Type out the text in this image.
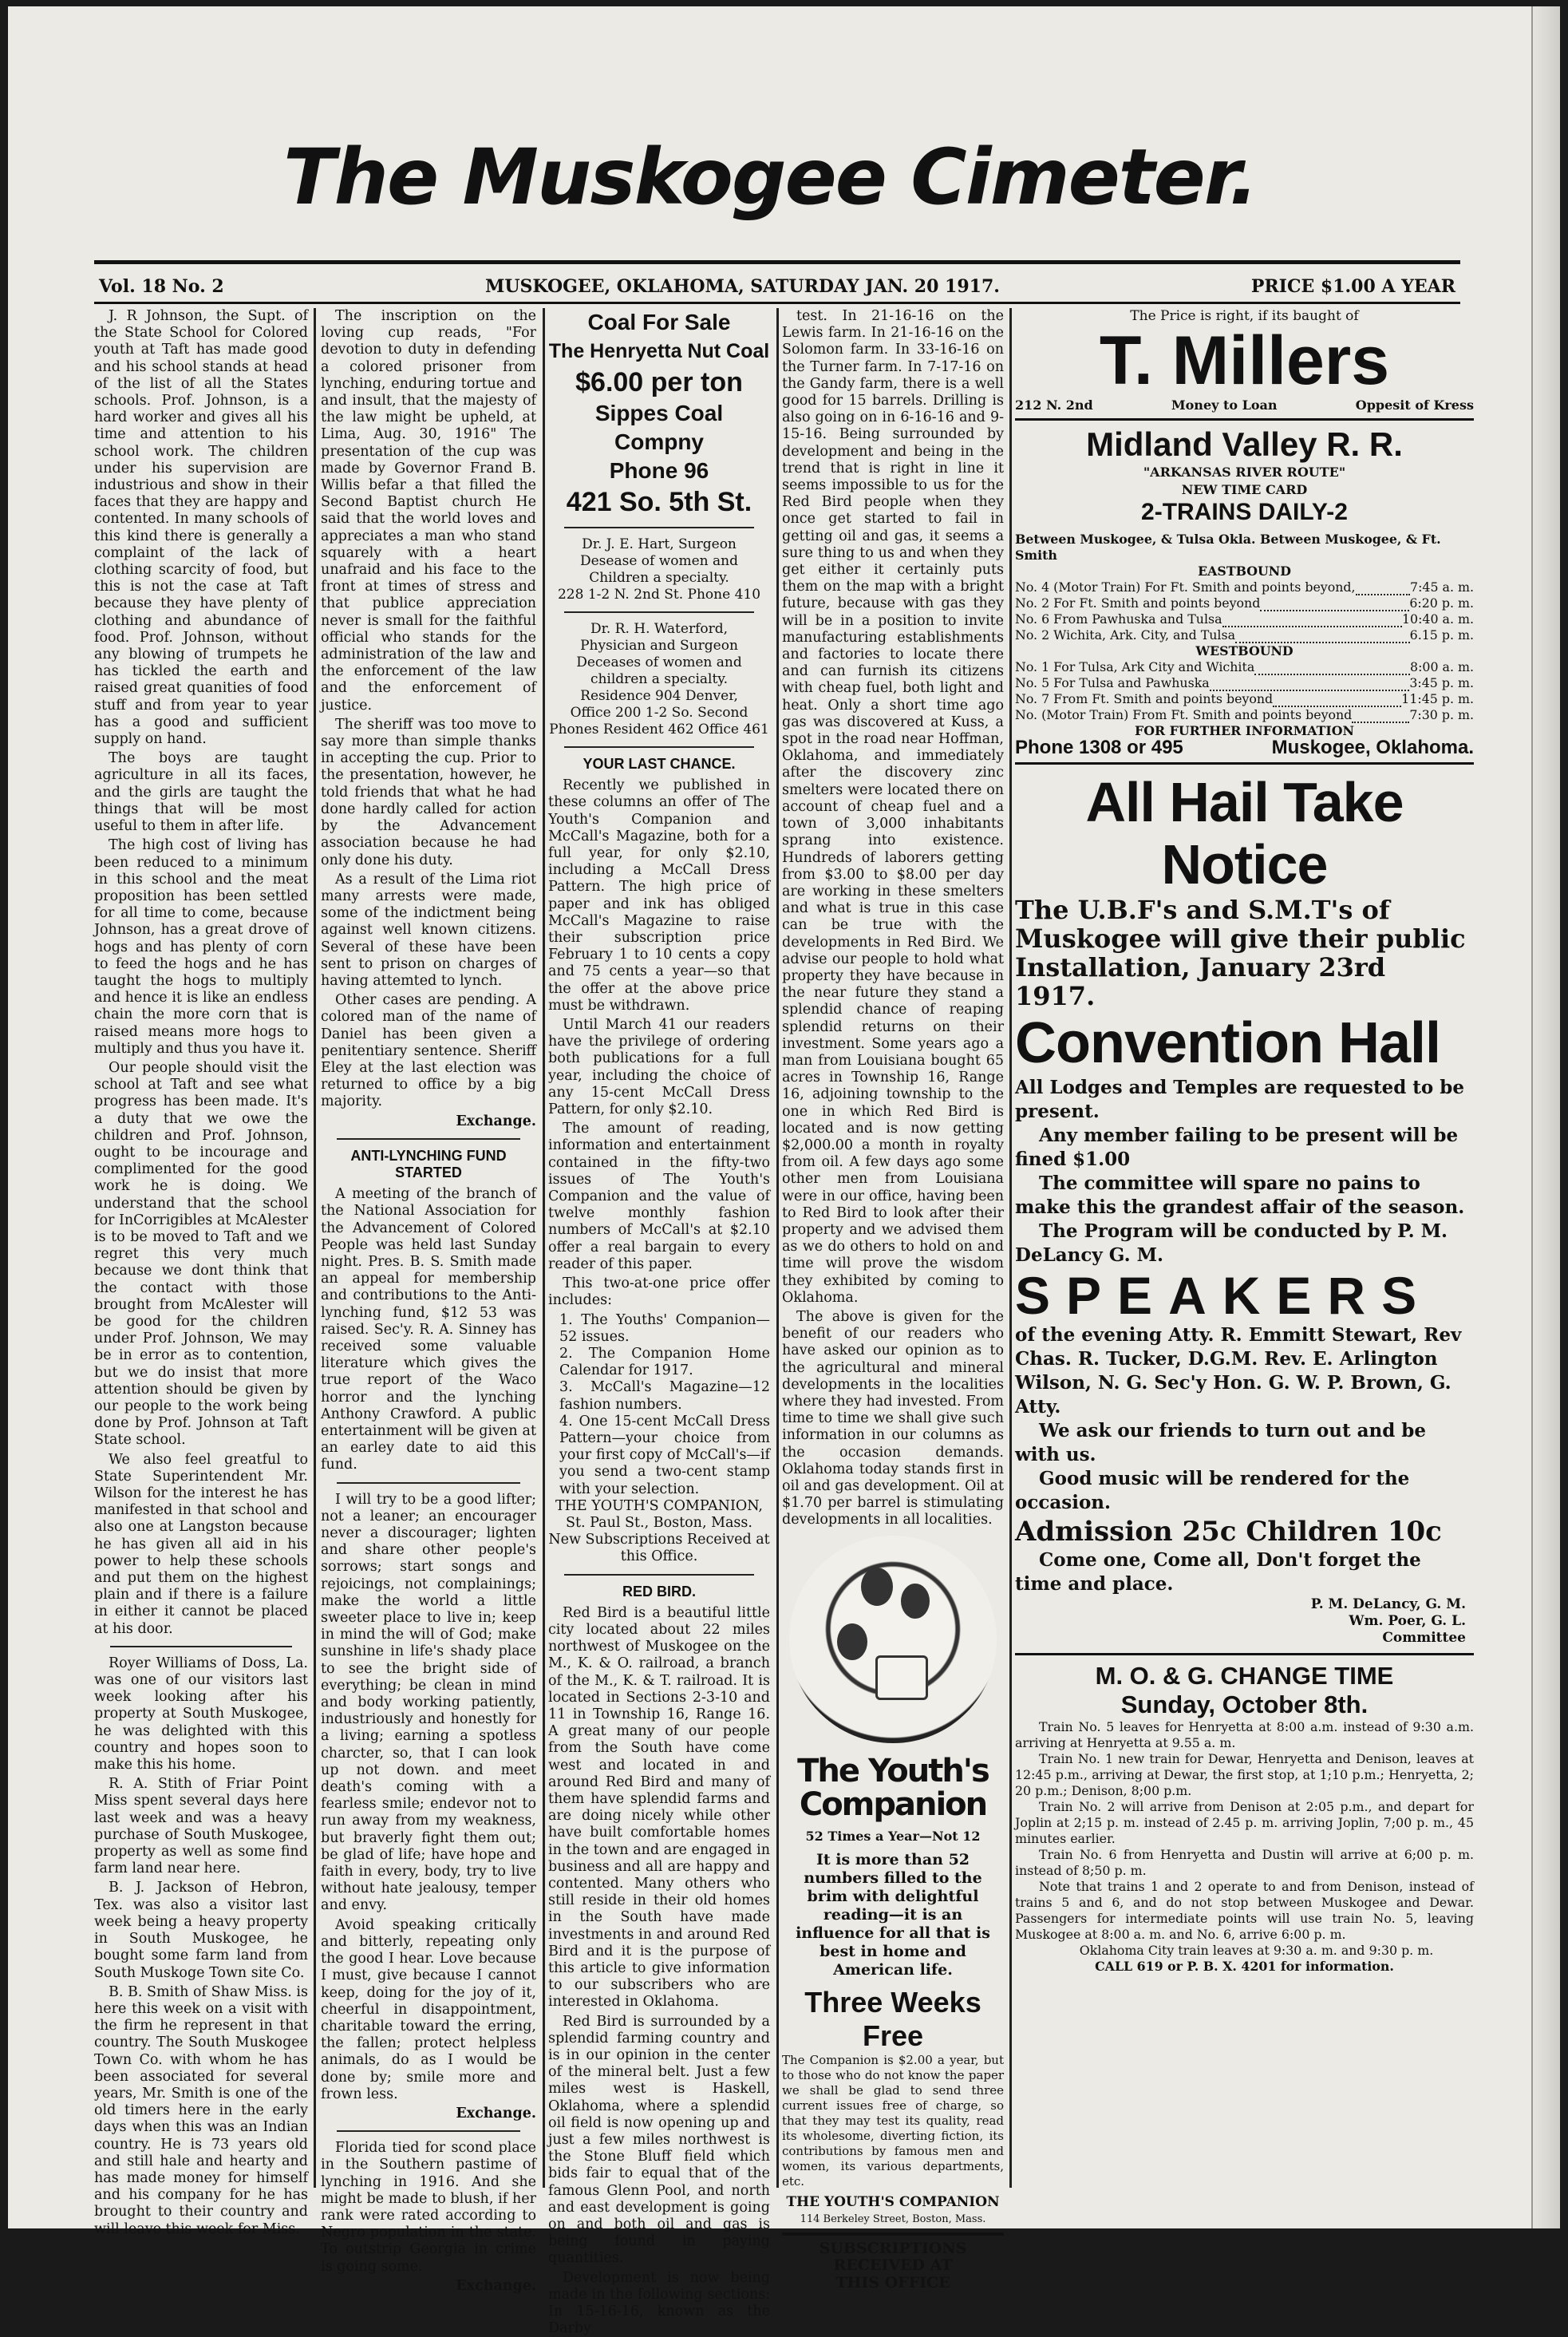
The Muskogee Cimeter.
Vol. 18 No. 2	MUSKOGEE, OKLAHOMA, SATURDAY JAN. 20 1917.	PRICE $1.00 A YEAR

J. R Johnson, the Supt. of the State School for Colored youth at Taft has made good and his school stands at head of the list of all the States schools. Prof. Johnson, is a hard worker and gives all his time and attention to his school work. The children under his supervision are industrious and show in their faces that they are happy and contented. In many schools of this kind there is generally a complaint of the lack of clothing scarcity of food, but this is not the case at Taft because they have plenty of clothing and abundance of food. Prof. Johnson, without any blowing of trumpets he has tickled the earth and raised great quanities of food stuff and from year to year has a good and sufficient supply on hand.

The boys are taught agriculture in all its faces, and the girls are taught the things that will be most useful to them in after life.

The high cost of living has been reduced to a minimum in this school and the meat proposition has been settled for all time to come, because Johnson, has a great drove of hogs and has plenty of corn to feed the hogs and he has taught the hogs to multiply and hence it is like an endless chain the more corn that is raised means more hogs to multiply and thus you have it.

Our people should visit the school at Taft and see what progress has been made. It's a duty that we owe the children and Prof. Johnson, ought to be incourage and complimented for the good work he is doing. We understand that the school for InCorrigibles at McAlester is to be moved to Taft and we regret this very much because we dont think that the contact with those brought from McAlester will be good for the children under Prof. Johnson, We may be in error as to contention, but we do insist that more attention should be given by our people to the work being done by Prof. Johnson at Taft State school.

We also feel greatful to State Superintendent Mr. Wilson for the interest he has manifested in that school and also one at Langston because he has given all aid in his power to help these schools and put them on the highest plain and if there is a failure in either it cannot be placed at his door.

Royer Williams of Doss, La. was one of our visitors last week looking after his property at South Muskogee, he was delighted with this country and hopes soon to make this his home.

R. A. Stith of Friar Point Miss spent several days here last week and was a heavy purchase of South Muskogee, property as well as some find farm land near here.

B. J. Jackson of Hebron, Tex. was also a visitor last week being a heavy property in South Muskogee, he bought some farm land from South Muskoge Town site Co.

B. B. Smith of Shaw Miss. is here this week on a visit with the firm he represent in that country. The South Muskogee Town Co. with whom he has been associated for several years, Mr. Smith is one of the old timers here in the early days when this was an Indian country. He is 73 years old and still hale and hearty and has made money for himself and his company for he has brought to their country and will leave this week for Miss.

The inscription on the loving cup reads, "For devotion to duty in defending a colored prisoner from lynching, enduring tortue and and insult, that the majesty of the law might be upheld, at Lima, Aug. 30, 1916" The presentation of the cup was made by Governor Frand B. Willis befar a that filled the Second Baptist church He said that the world loves and appreciates a man who stand squarely with a heart unafraid and his face to the front at times of stress and that publice appreciation never is small for the faithful official who stands for the administration of the law and the enforcement of the law and the enforcement of justice.

The sheriff was too move to say more than simple thanks in accepting the cup. Prior to the presentation, however, he told friends that what he had done hardly called for action by the Advancement association because he had only done his duty.

As a result of the Lima riot many arrests were made, some of the indictment being against well known citizens. Several of these have been sent to prison on charges of having attemted to lynch.

Other cases are pending. A colored man of the name of Daniel has been given a penitentiary sentence. Sheriff Eley at the last election was returned to office by a big majority.

Exchange.
ANTI-LYNCHING FUND STARTED

A meeting of the branch of the National Association for the Advancement of Colored People was held last Sunday night. Pres. B. S. Smith made an appeal for membership and contributions to the Anti-lynching fund, $12 53 was raised. Sec'y. R. A. Sinney has received some valuable literature which gives the true report of the Waco horror and the lynching Anthony Crawford. A public entertainment will be given at an earley date to aid this fund.

I will try to be a good lifter; not a leaner; an encourager never a discourager; lighten and share other people's sorrows; start songs and rejoicings, not complainings; make the world a little sweeter place to live in; keep in mind the will of God; make sunshine in life's shady place to see the bright side of everything; be clean in mind and body working patiently, industriously and honestly for a living; earning a spotless charcter, so, that I can look up not down. and meet death's coming with a fearless smile; endevor not to run away from my weakness, but braverly fight them out; be glad of life; have hope and faith in every, body, try to live without hate jealousy, temper and envy.

Avoid speaking critically and bitterly, repeating only the good I hear. Love because I must, give because I cannot keep, doing for the joy of it, cheerful in disappointment, charitable toward the erring, the fallen; protect helpless animals, do as I would be done by; smile more and frown less.

Exchange.

Florida tied for scond place in the Southern pastime of lynching in 1916. And she might be made to blush, if her rank were rated according to Negro population in the state. To outstrip Georgia in crime is going some.

Exchange.
Coal For Sale
The Henryetta Nut Coal
$6.00 per ton
Sippes Coal Compny
Phone 96
421 So. 5th St.
Dr. J. E. Hart, Surgeon
Desease of women and Children a specialty.
228 1-2 N. 2nd St. Phone 410
Dr. R. H. Waterford,
Physician and Surgeon
Deceases of women and children a specialty.
Residence 904 Denver,
Office 200 1-2 So. Second
Phones Resident 462 Office 461
YOUR LAST CHANCE.

Recently we published in these columns an offer of The Youth's Companion and McCall's Magazine, both for a full year, for only $2.10, including a McCall Dress Pattern. The high price of paper and ink has obliged McCall's Magazine to raise their subscription price February 1 to 10 cents a copy and 75 cents a year—so that the offer at the above price must be withdrawn.

Until March 41 our readers have the privilege of ordering both publications for a full year, including the choice of any 15-cent McCall Dress Pattern, for only $2.10.

The amount of reading, information and entertainment contained in the fifty-two issues of The Youth's Companion and the value of twelve monthly fashion numbers of McCall's at $2.10 offer a real bargain to every reader of this paper.

This two-at-one price offer includes:

1. The Youths' Companion—52 issues.
2. The Companion Home Calendar for 1917.
3. McCall's Magazine—12 fashion numbers.
4. One 15-cent McCall Dress Pattern—your choice from your first copy of McCall's—if you send a two-cent stamp with your selection.
THE YOUTH'S COMPANION,
St. Paul St., Boston, Mass.
New Subscriptions Received at this Office.
RED BIRD.

Red Bird is a beautiful little city located about 22 miles northwest of Muskogee on the M., K. & O. railroad, a branch of the M., K. & T. railroad. It is located in Sections 2-3-10 and 11 in Township 16, Range 16. A great many of our people from the South have come west and located in and around Red Bird and many of them have splendid farms and are doing nicely while other have built comfortable homes in the town and are engaged in business and all are happy and contented. Many others who still reside in their old homes in the South have made investments in and around Red Bird and it is the purpose of this article to give information to our subscribers who are interested in Oklahoma.

Red Bird is surrounded by a splendid farming country and is in our opinion in the center of the mineral belt. Just a few miles west is Haskell, Oklahoma, where a splendid oil field is now opening up and just a few miles northwest is the Stone Bluff field which bids fair to equal that of the famous Glenn Pool, and north and east development is going on and both oil and gas is being found in paying quantities.

Development is now being made in the following sections: In 15-16-16, known as the Darby

test. In 21-16-16 on the Lewis farm. In 21-16-16 on the Solomon farm. In 33-16-16 on the Turner farm. In 7-17-16 on the Gandy farm, there is a well good for 15 barrels. Drilling is also going on in 6-16-16 and 9-15-16. Being surrounded by development and being in the trend that is right in line it seems impossible to us for the Red Bird people when they once get started to fail in getting oil and gas, it seems a sure thing to us and when they get either it certainly puts them on the map with a bright future, because with gas they will be in a position to invite manufacturing establishments and factories to locate there and can furnish its citizens with cheap fuel, both light and heat. Only a short time ago gas was discovered at Kuss, a spot in the road near Hoffman, Oklahoma, and immediately after the discovery zinc smelters were located there on account of cheap fuel and a town of 3,000 inhabitants sprang into existence. Hundreds of laborers getting from $3.00 to $8.00 per day are working in these smelters and what is true in this case can be true with the developments in Red Bird. We advise our people to hold what property they have because in the near future they stand a splendid chance of reaping splendid returns on their investment. Some years ago a man from Louisiana bought 65 acres in Township 16, Range 16, adjoining township to the one in which Red Bird is located and is now getting $2,000.00 a month in royalty from oil. A few days ago some other men from Louisiana were in our office, having been to Red Bird to look after their property and we advised them as we do others to hold on and time will prove the wisdom they exhibited by coming to Oklahoma.

The above is given for the benefit of our readers who have asked our opinion as to the agricultural and mineral developments in the localities where they had invested. From time to time we shall give such information in our columns as the occasion demands. Oklahoma today stands first in oil and gas development. Oil at $1.70 per barrel is stimulating developments in all localities.

The Youth's
Companion
52 Times a Year—Not 12
It is more than 52 numbers filled to the brim with delightful reading—it is an influence for all that is best in home and American life.
Three Weeks Free
The Companion is $2.00 a year, but to those who do not know the paper we shall be glad to send three current issues free of charge, so that they may test its quality, read its wholesome, diverting fiction, its contributions by famous men and women, its various departments, etc.
THE YOUTH'S COMPANION
114 Berkeley Street, Boston, Mass.
SUBSCRIPTIONS RECEIVED AT
THIS OFFICE
The Price is right, if its baught of
T. Millers
212 N. 2nd	Money to Loan	Oppesit of Kress
Midland Valley R. R.
"ARKANSAS RIVER ROUTE"
NEW TIME CARD
2-TRAINS DAILY-2
Between Muskogee, & Tulsa Okla. Between Muskogee, & Ft. Smith
EASTBOUND
No. 4 (Motor Train) For Ft. Smith and points beyond,	7:45 a. m.
No. 2 For Ft. Smith and points beyond	6:20 p. m.
No. 6 From Pawhuska and Tulsa	10:40 a. m.
No. 2 Wichita, Ark. City, and Tulsa	6.15 p. m.
WESTBOUND
No. 1 For Tulsa, Ark City and Wichita	8:00 a. m.
No. 5 For Tulsa and Pawhuska	3:45 p. m.
No. 7 From Ft. Smith and points beyond	11:45 p. m.
No. (Motor Train) From Ft. Smith and points beyond	7:30 p. m.
FOR FURTHER INFORMATION
Phone 1308 or 495	Muskogee, Oklahoma.
All Hail Take Notice
The U.B.F's and S.M.T's of Muskogee will give their public Installation, January 23rd 1917.
Convention Hall
All Lodges and Temples are requested to be present.
Any member failing to be present will be fined $1.00
The committee will spare no pains to make this the grandest affair of the season.
The Program will be conducted by P. M. DeLancy G. M.
SPEAKERS
of the evening Atty. R. Emmitt Stewart, Rev Chas. R. Tucker, D.G.M. Rev. E. Arlington Wilson, N. G. Sec'y Hon. G. W. P. Brown, G. Atty.
We ask our friends to turn out and be with us.
Good music will be rendered for the occasion.
Admission 25c Children 10c
Come one, Come all, Don't forget the time and place.
P. M. DeLancy, G. M.
Wm. Poer, G. L.
Committee
M. O. & G. CHANGE TIME
Sunday, October 8th.
Train No. 5 leaves for Henryetta at 8:00 a.m. instead of 9:30 a.m. arriving at Henryetta at 9.55 a. m.
Train No. 1 new train for Dewar, Henryetta and Denison, leaves at 12:45 p.m., arriving at Dewar, the first stop, at 1;10 p.m.; Henryetta, 2; 20 p.m.; Denison, 8;00 p.m.
Train No. 2 will arrive from Denison at 2:05 p.m., and depart for Joplin at 2;15 p. m. instead of 2.45 p. m. arriving Joplin, 7;00 p. m., 45 minutes earlier.
Train No. 6 from Henryetta and Dustin will arrive at 6;00 p. m. instead of 8;50 p. m.
Note that trains 1 and 2 operate to and from Denison, instead of trains 5 and 6, and do not stop between Muskogee and Dewar. Passengers for intermediate points will use train No. 5, leaving Muskogee at 8:00 a. m. and No. 6, arrive 6:00 p. m.
Oklahoma City train leaves at 9:30 a. m. and 9:30 p. m.
CALL 619 or P. B. X. 4201 for information.
